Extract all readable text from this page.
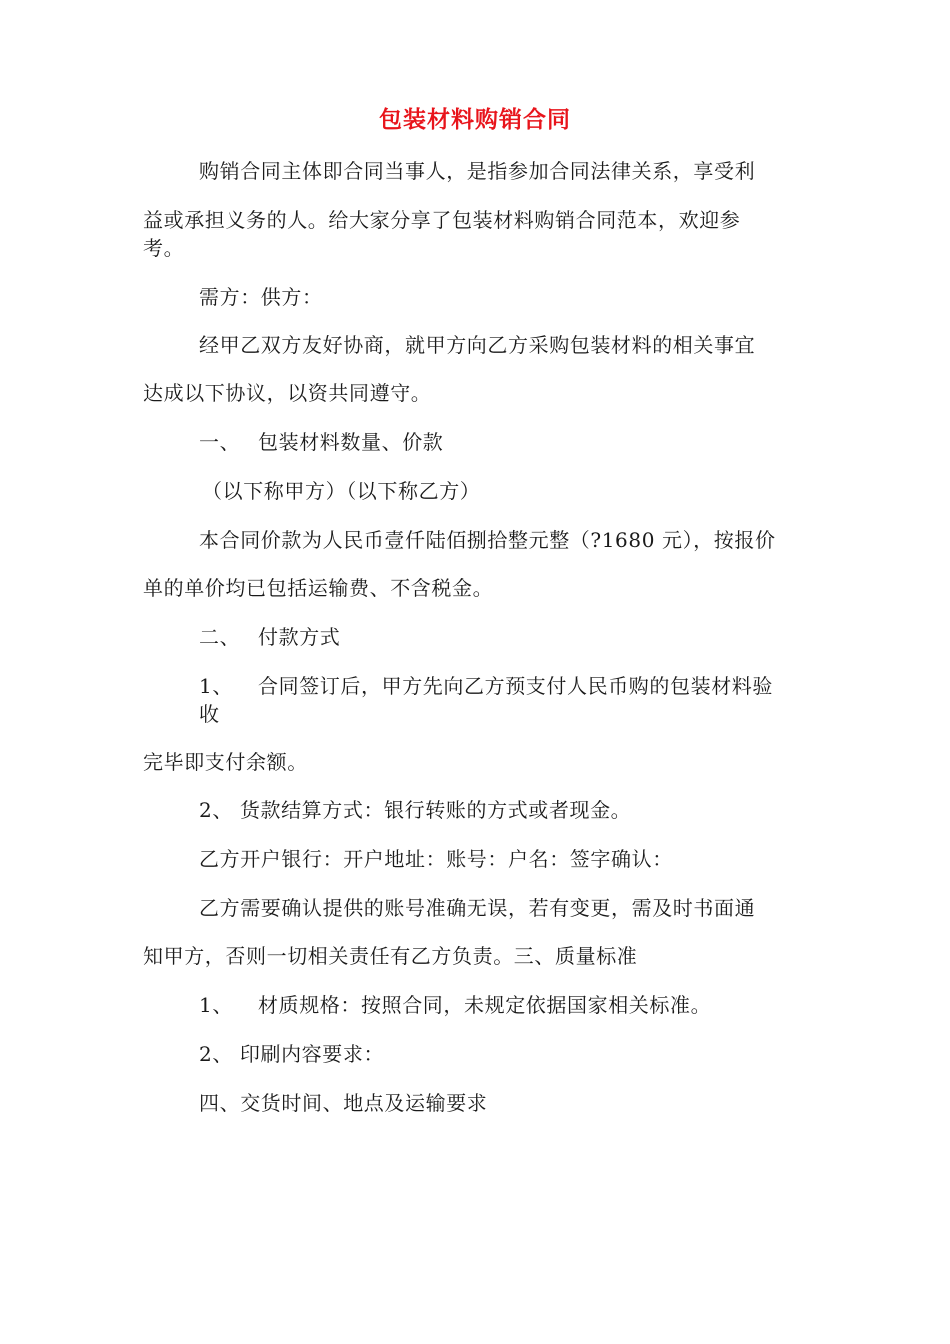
包装材料购销合同
购销合同主体即合同当事人，是指参加合同法律关系，享受利
益或承担义务的人。给大家分享了包装材料购销合同范本，欢迎参
考。
需方：供方：
经甲乙双方友好协商，就甲方向乙方采购包装材料的相关事宜
达成以下协议，以资共同遵守。
一、 包装材料数量、价款
（以下称甲方）（以下称乙方）
本合同价款为人民币壹仟陆佰捌拾整元整（?1680 元），按报价
单的单价均已包括运输费、不含税金。
二、 付款方式
1、 合同签订后，甲方先向乙方预支付人民币购的包装材料验
收
完毕即支付余额。
2、 货款结算方式：银行转账的方式或者现金。
乙方开户银行：开户地址：账号：户名：签字确认：
乙方需要确认提供的账号准确无误，若有变更，需及时书面通
知甲方，否则一切相关责任有乙方负责。三、质量标准
1、 材质规格：按照合同，未规定依据国家相关标准。
2、 印刷内容要求：
四、交货时间、地点及运输要求
